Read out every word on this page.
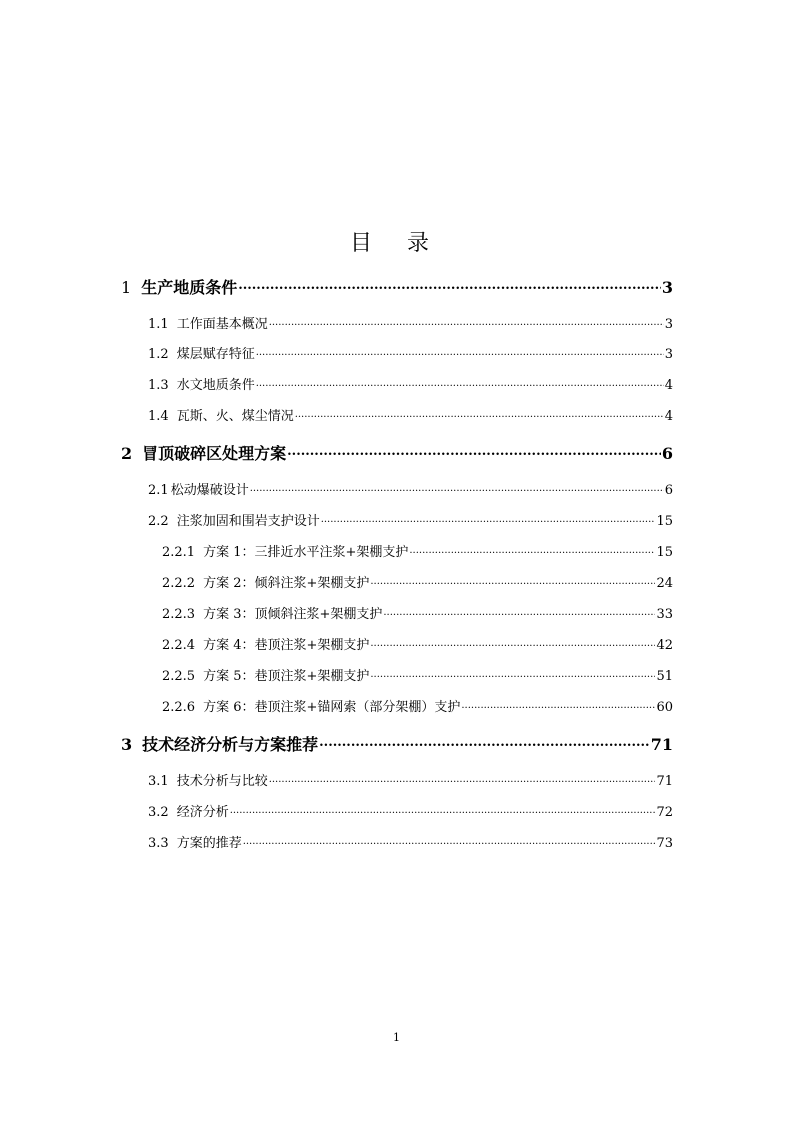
目 录
1 生产地质条件 .....	3
1.1 工作面基本概况 .....	3
1.2 煤层赋存特征 .....	3
1.3 水文地质条件 .....	4
1.4 瓦斯、火、煤尘情况 .....	4
2 冒顶破碎区处理方案 .....	6
2.1 松动爆破设计 .....	6
2.2 注浆加固和围岩支护设计 .....	15
2.2.1 方案 1：三排近水平注浆+架棚支护 .....	15
2.2.2 方案 2：倾斜注浆+架棚支护 .....	24
2.2.3 方案 3：顶倾斜注浆+架棚支护 .....	33
2.2.4 方案 4：巷顶注浆+架棚支护 .....	42
2.2.5 方案 5：巷顶注浆+架棚支护 .....	51
2.2.6 方案 6：巷顶注浆+锚网索（部分架棚）支护 .....	60
3 技术经济分析与方案推荐 .....	71
3.1 技术分析与比较 .....	71
3.2 经济分析 .....	72
3.3 方案的推荐 .....	73
1
